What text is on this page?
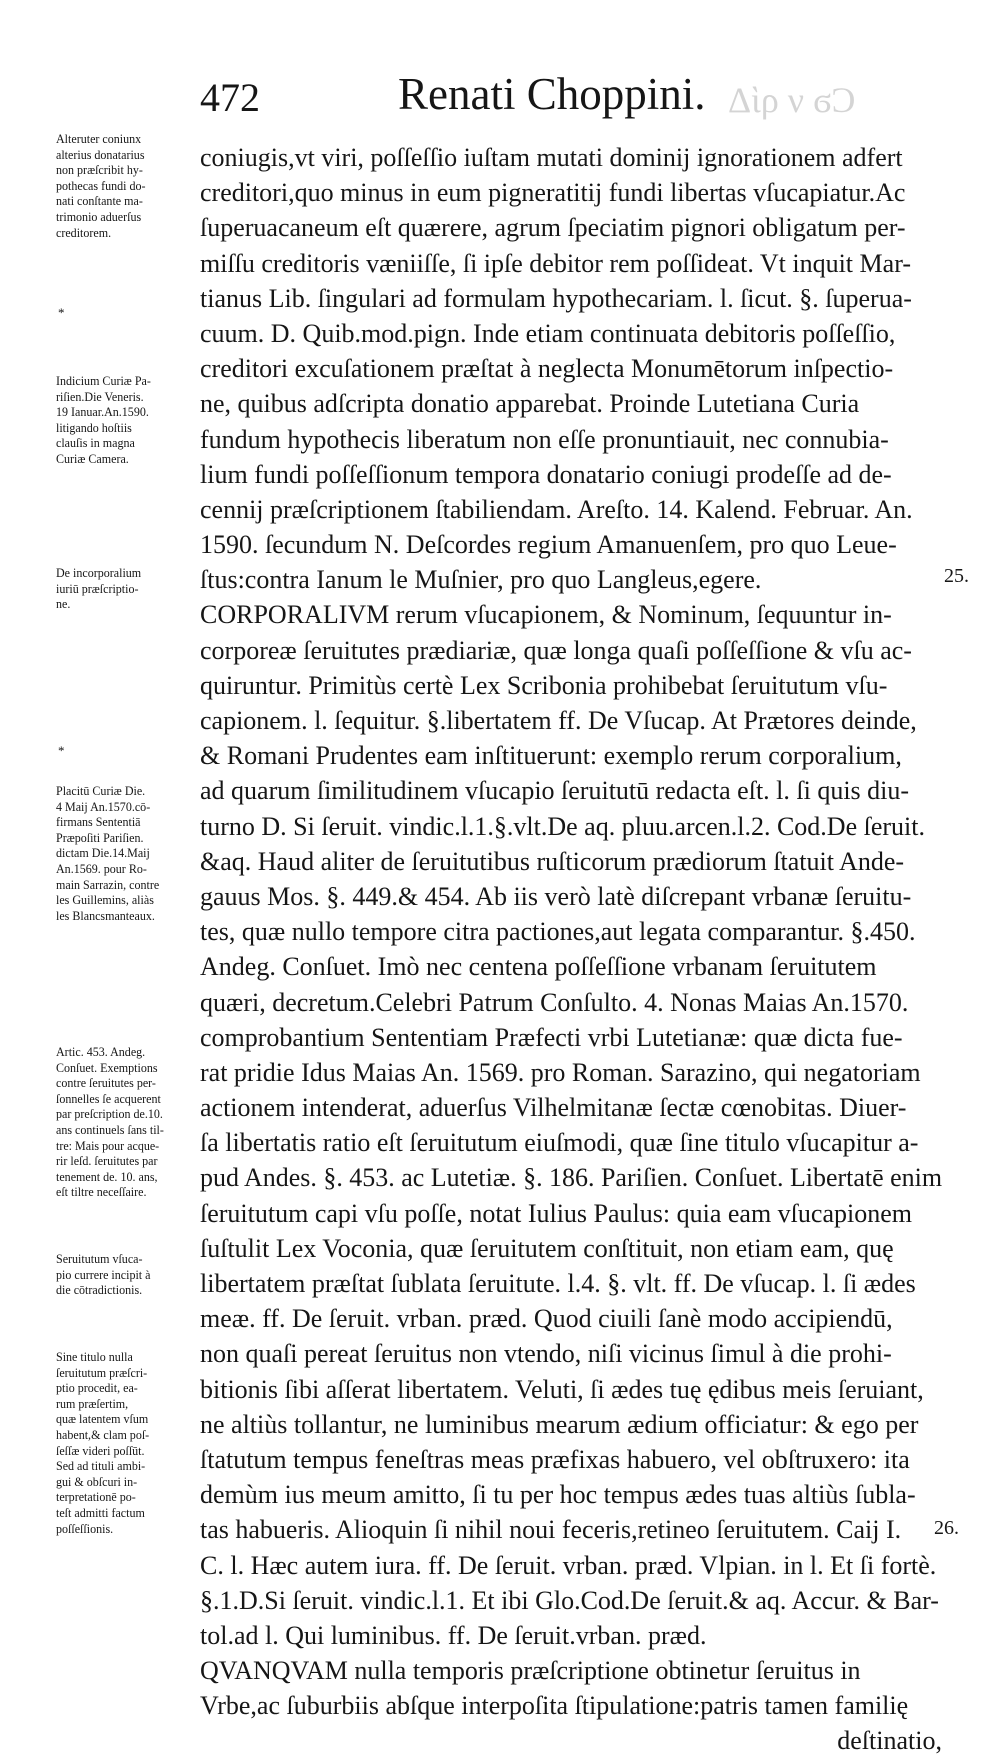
472	Renati Choppini. Δὶρ ν ϭƆ
Alteruter coniunx
alterius donatarius
non præſcribit hy-
pothecas fundi do-
nati conſtante ma-
trimonio aduerſus
creditorem.
*
Indicium Curiæ Pa-
riſien.Die Veneris.
19 Ianuar.An.1590.
litigando hoſtiis
clauſis in magna
Curiæ Camera.
De incorporalium
iuriū præſcriptio-
ne.
*
Placitū Curiæ Die.
4 Maij An.1570.cō-
firmans Sententiā
Præpoſiti Pariſien.
dictam Die.14.Maij
An.1569. pour Ro-
main Sarrazin, contre
les Guillemins, aliàs
les Blancsmanteaux.
Artic. 453. Andeg.
Conſuet. Exemptions
contre ſeruitutes per-
ſonnelles ſe acquerent
par preſcription de.10.
ans continuels ſans til-
tre: Mais pour acque-
rir leſd. ſeruitutes par
tenement de. 10. ans,
eſt tiltre neceſſaire.
Seruitutum vſuca-
pio currere incipit à
die cōtradictionis.
Sine titulo nulla
ſeruitutum præſcri-
ptio procedit, ea-
rum præſertim,
quæ latentem vſum
habent,& clam poſ-
ſeſſæ videri poſſūt.
Sed ad tituli ambi-
gui & obſcuri in-
terpretationē po-
teſt admitti factum
poſſeſſionis.
25.
26.
coniugis,vt viri, poſſeſſio iuſtam mutati dominij ignorationem adfert
creditori,quo minus in eum pigneratitij fundi libertas vſucapiatur.Ac
ſuperuacaneum eſt quærere, agrum ſpeciatim pignori obligatum per-
miſſu creditoris væniiſſe, ſi ipſe debitor rem poſſideat. Vt inquit Mar-
tianus Lib. ſingulari ad formulam hypothecariam. l. ſicut. §. ſuperua-
cuum. D. Quib.mod.pign. Inde etiam continuata debitoris poſſeſſio,
creditori excuſationem præſtat à neglecta Monumētorum inſpectio-
ne, quibus adſcripta donatio apparebat. Proinde Lutetiana Curia
fundum hypothecis liberatum non eſſe pronuntiauit, nec connubia-
lium fundi poſſeſſionum tempora donatario coniugi prodeſſe ad de-
cennij præſcriptionem ſtabiliendam. Areſto. 14. Kalend. Februar. An.
1590. ſecundum N. Deſcordes regium Amanuenſem, pro quo Leue-
ſtus:contra Ianum le Muſnier, pro quo Langleus,egere.
CORPORALIVM rerum vſucapionem, & Nominum, ſequuntur in-
corporeæ ſeruitutes prædiariæ, quæ longa quaſi poſſeſſione & vſu ac-
quiruntur. Primitùs certè Lex Scribonia prohibebat ſeruitutum vſu-
capionem. l. ſequitur. §.libertatem ff. De Vſucap. At Prætores deinde,
& Romani Prudentes eam inſtituerunt: exemplo rerum corporalium,
ad quarum ſimilitudinem vſucapio ſeruitutū redacta eſt. l. ſi quis diu-
turno D. Si ſeruit. vindic.l.1.§.vlt.De aq. pluu.arcen.l.2. Cod.De ſeruit.
&aq. Haud aliter de ſeruitutibus ruſticorum prædiorum ſtatuit Ande-
gauus Mos. §. 449.& 454. Ab iis verò latè diſcrepant vrbanæ ſeruitu-
tes, quæ nullo tempore citra pactiones,aut legata comparantur. §.450.
Andeg. Conſuet. Imò nec centena poſſeſſione vrbanam ſeruitutem
quæri, decretum.Celebri Patrum Conſulto. 4. Nonas Maias An.1570.
comprobantium Sententiam Præfecti vrbi Lutetianæ: quæ dicta fue-
rat pridie Idus Maias An. 1569. pro Roman. Sarazino, qui negatoriam
actionem intenderat, aduerſus Vilhelmitanæ ſectæ cœnobitas. Diuer-
ſa libertatis ratio eſt ſeruitutum eiuſmodi, quæ ſine titulo vſucapitur a-
pud Andes. §. 453. ac Lutetiæ. §. 186. Pariſien. Conſuet. Libertatē enim
ſeruitutum capi vſu poſſe, notat Iulius Paulus: quia eam vſucapionem
ſuſtulit Lex Voconia, quæ ſeruitutem conſtituit, non etiam eam, quę
libertatem præſtat ſublata ſeruitute. l.4. §. vlt. ff. De vſucap. l. ſi ædes
meæ. ff. De ſeruit. vrban. præd. Quod ciuili ſanè modo accipiendū,
non quaſi pereat ſeruitus non vtendo, niſi vicinus ſimul à die prohi-
bitionis ſibi aſſerat libertatem. Veluti, ſi ædes tuę ędibus meis ſeruiant,
ne altiùs tollantur, ne luminibus mearum ædium officiatur: & ego per
ſtatutum tempus feneſtras meas præfixas habuero, vel obſtruxero: ita
demùm ius meum amitto, ſi tu per hoc tempus ædes tuas altiùs ſubla-
tas habueris. Alioquin ſi nihil noui feceris,retineo ſeruitutem. Caij I.
C. l. Hæc autem iura. ff. De ſeruit. vrban. præd. Vlpian. in l. Et ſi fortè.
§.1.D.Si ſeruit. vindic.l.1. Et ibi Glo.Cod.De ſeruit.& aq. Accur. & Bar-
tol.ad l. Qui luminibus. ff. De ſeruit.vrban. præd.
QVANQVAM nulla temporis præſcriptione obtinetur ſeruitus in
Vrbe,ac ſuburbiis abſque interpoſita ſtipulatione:patris tamen familię
deſtinatio,
